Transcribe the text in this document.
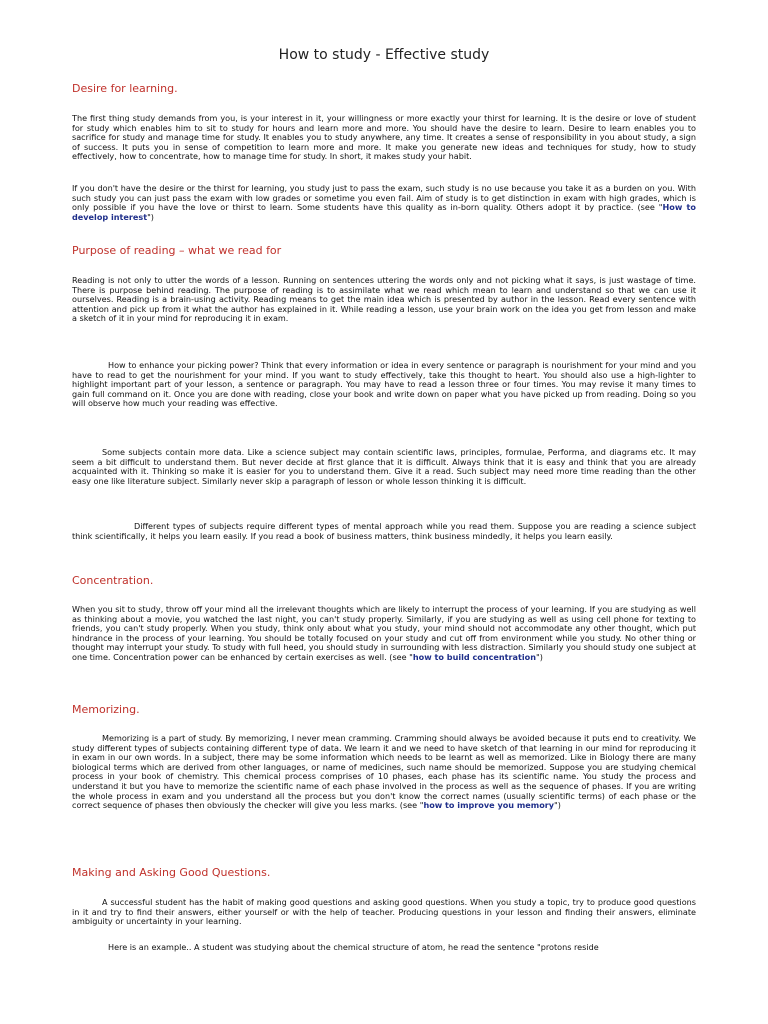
How to study - Effective study
Desire for learning.

The first thing study demands from you, is your interest in it, your willingness or more exactly your thirst for learning. It is the desire or love of student for study which enables him to sit to study for hours and learn more and more. You should have the desire to learn. Desire to learn enables you to sacrifice for study and manage time for study. It enables you to study anywhere, any time. It creates a sense of responsibility in you about study, a sign of success. It puts you in sense of competition to learn more and more. It make you generate new ideas and techniques for study, how to study effectively, how to concentrate, how to manage time for study. In short, it makes study your habit.

If you don't have the desire or the thirst for learning, you study just to pass the exam, such study is no use because you take it as a burden on you. With such study you can just pass the exam with low grades or sometime you even fail. Aim of study is to get distinction in exam with high grades, which is only possible if you have the love or thirst to learn. Some students have this quality as in-born quality. Others adopt it by practice. (see "How to develop interest")

Purpose of reading – what we read for

Reading is not only to utter the words of a lesson. Running on sentences uttering the words only and not picking what it says, is just wastage of time. There is purpose behind reading. The purpose of reading is to assimilate what we read which mean to learn and understand so that we can use it ourselves. Reading is a brain-using activity. Reading means to get the main idea which is presented by author in the lesson. Read every sentence with attention and pick up from it what the author has explained in it. While reading a lesson, use your brain work on the idea you get from lesson and make a sketch of it in your mind for reproducing it in exam.

How to enhance your picking power? Think that every information or idea in every sentence or paragraph is nourishment for your mind and you have to read to get the nourishment for your mind. If you want to study effectively, take this thought to heart. You should also use a high-lighter to highlight important part of your lesson, a sentence or paragraph. You may have to read a lesson three or four times. You may revise it many times to gain full command on it. Once you are done with reading, close your book and write down on paper what you have picked up from reading. Doing so you will observe how much your reading was effective.

Some subjects contain more data. Like a science subject may contain scientific laws, principles, formulae, Performa, and diagrams etc. It may seem a bit difficult to understand them. But never decide at first glance that it is difficult. Always think that it is easy and think that you are already acquainted with it. Thinking so make it is easier for you to understand them. Give it a read. Such subject may need more time reading than the other easy one like literature subject. Similarly never skip a paragraph of lesson or whole lesson thinking it is difficult.

Different types of subjects require different types of mental approach while you read them. Suppose you are reading a science subject think scientifically, it helps you learn easily. If you read a book of business matters, think business mindedly, it helps you learn easily.

Concentration.

When you sit to study, throw off your mind all the irrelevant thoughts which are likely to interrupt the process of your learning. If you are studying as well as thinking about a movie, you watched the last night, you can't study properly. Similarly, if you are studying as well as using cell phone for texting to friends, you can't study properly. When you study, think only about what you study, your mind should not accommodate any other thought, which put hindrance in the process of your learning. You should be totally focused on your study and cut off from environment while you study. No other thing or thought may interrupt your study. To study with full heed, you should study in surrounding with less distraction. Similarly you should study one subject at one time. Concentration power can be enhanced by certain exercises as well. (see "how to build concentration")

Memorizing.

Memorizing is a part of study. By memorizing, I never mean cramming. Cramming should always be avoided because it puts end to creativity. We study different types of subjects containing different type of data. We learn it and we need to have sketch of that learning in our mind for reproducing it in exam in our own words. In a subject, there may be some information which needs to be learnt as well as memorized. Like in Biology there are many biological terms which are derived from other languages, or name of medicines, such name should be memorized. Suppose you are studying chemical process in your book of chemistry. This chemical process comprises of 10 phases, each phase has its scientific name. You study the process and understand it but you have to memorize the scientific name of each phase involved in the process as well as the sequence of phases. If you are writing the whole process in exam and you understand all the process but you don't know the correct names (usually scientific terms) of each phase or the correct sequence of phases then obviously the checker will give you less marks. (see "how to improve you memory")

Making and Asking Good Questions.

A successful student has the habit of making good questions and asking good questions. When you study a topic, try to produce good questions in it and try to find their answers, either yourself or with the help of teacher. Producing questions in your lesson and finding their answers, eliminate ambiguity or uncertainty in your learning.

Here is an example.. A student was studying about the chemical structure of atom, he read the sentence "protons reside
